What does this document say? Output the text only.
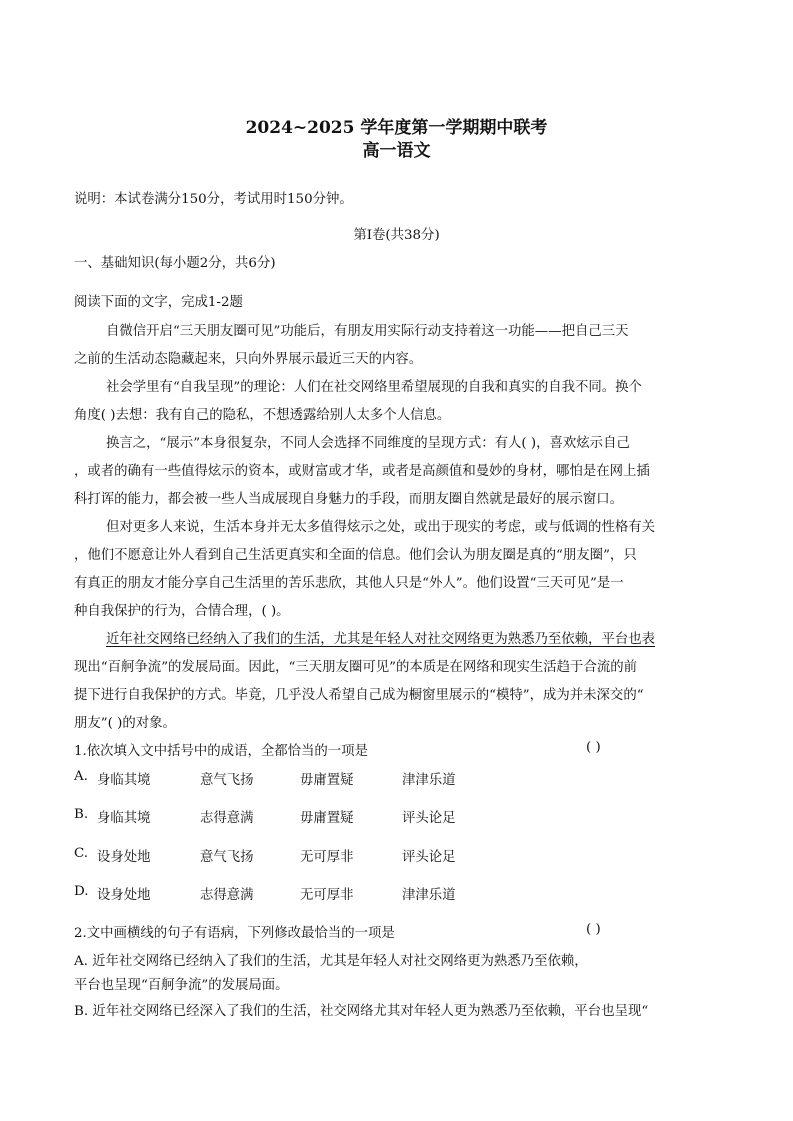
2024~2025 学年度第一学期期中联考
高一语文
说明：本试卷满分150分，考试用时150分钟。
第Ⅰ卷(共38分)
一、基础知识(每小题2分，共6分)
阅读下面的文字，完成1-2题
自微信开启“三天朋友圈可见”功能后，有朋友用实际行动支持着这一功能——把自己三天
之前的生活动态隐藏起来，只向外界展示最近三天的内容。
社会学里有“自我呈现”的理论：人们在社交网络里希望展现的自我和真实的自我不同。换个
角度( )去想：我有自己的隐私，不想透露给别人太多个人信息。
换言之，“展示”本身很复杂，不同人会选择不同维度的呈现方式：有人( )，喜欢炫示自己
，或者的确有一些值得炫示的资本，或财富或才华，或者是高颜值和曼妙的身材，哪怕是在网上插
科打诨的能力，都会被一些人当成展现自身魅力的手段，而朋友圈自然就是最好的展示窗口。
但对更多人来说，生活本身并无太多值得炫示之处，或出于现实的考虑，或与低调的性格有关
，他们不愿意让外人看到自己生活更真实和全面的信息。他们会认为朋友圈是真的“朋友圈”，只
有真正的朋友才能分享自己生活里的苦乐悲欣，其他人只是“外人”。他们设置“三天可见”是一
种自我保护的行为，合情合理，( )。
近年社交网络已经纳入了我们的生活，尤其是年轻人对社交网络更为熟悉乃至依赖，平台也表
现出“百舸争流”的发展局面。因此，“三天朋友圈可见”的本质是在网络和现实生活趋于合流的前
提下进行自我保护的方式。毕竟，几乎没人希望自己成为橱窗里展示的“模特”，成为并未深交的“
朋友”( )的对象。
1.依次填入文中括号中的成语，全都恰当的一项是	( )
A. 身临其境	意气飞扬	毋庸置疑	津津乐道
B. 身临其境	志得意满	毋庸置疑	评头论足
C. 设身处地	意气飞扬	无可厚非	评头论足
D. 设身处地	志得意满	无可厚非	津津乐道
2.文中画横线的句子有语病，下列修改最恰当的一项是	( )
A. 近年社交网络已经纳入了我们的生活，尤其是年轻人对社交网络更为熟悉乃至依赖，
平台也呈现“百舸争流”的发展局面。
B. 近年社交网络已经深入了我们的生活，社交网络尤其对年轻人更为熟悉乃至依赖，平台也呈现“
